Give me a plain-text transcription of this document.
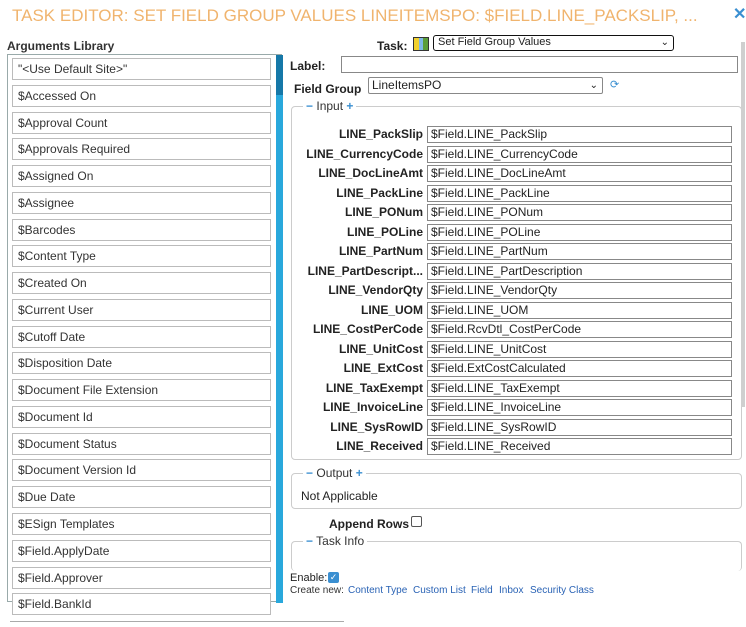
TASK EDITOR: SET FIELD GROUP VALUES LINEITEMSPO: $FIELD.LINE_PACKSLIP, ... ✕
Arguments Library
"<Use Default Site>"
$Accessed On
$Approval Count
$Approvals Required
$Assigned On
$Assignee
$Barcodes
$Content Type
$Created On
$Current User
$Cutoff Date
$Disposition Date
$Document File Extension
$Document Id
$Document Status
$Document Version Id
$Due Date
$ESign Templates
$Field.ApplyDate
$Field.Approver
$Field.BankId
Task:	Set Field Group Values	⌄
Label:
Field Group LineItemsPO	⌄ ⟳
− Input +
LINE_PackSlip $Field.LINE_PackSlip
LINE_CurrencyCode $Field.LINE_CurrencyCode
LINE_DocLineAmt $Field.LINE_DocLineAmt
LINE_PackLine $Field.LINE_PackLine
LINE_PONum $Field.LINE_PONum
LINE_POLine $Field.LINE_POLine
LINE_PartNum $Field.LINE_PartNum
LINE_PartDescript... $Field.LINE_PartDescription
LINE_VendorQty $Field.LINE_VendorQty
LINE_UOM $Field.LINE_UOM
LINE_CostPerCode $Field.RcvDtl_CostPerCode
LINE_UnitCost $Field.LINE_UnitCost
LINE_ExtCost $Field.ExtCostCalculated
LINE_TaxExempt $Field.LINE_TaxExempt
LINE_InvoiceLine $Field.LINE_InvoiceLine
LINE_SysRowID $Field.LINE_SysRowID
LINE_Received $Field.LINE_Received
− Output +
Not Applicable
Append Rows
− Task Info
Enable: ✓
Create new: Content Type Custom List Field Inbox Security Class
